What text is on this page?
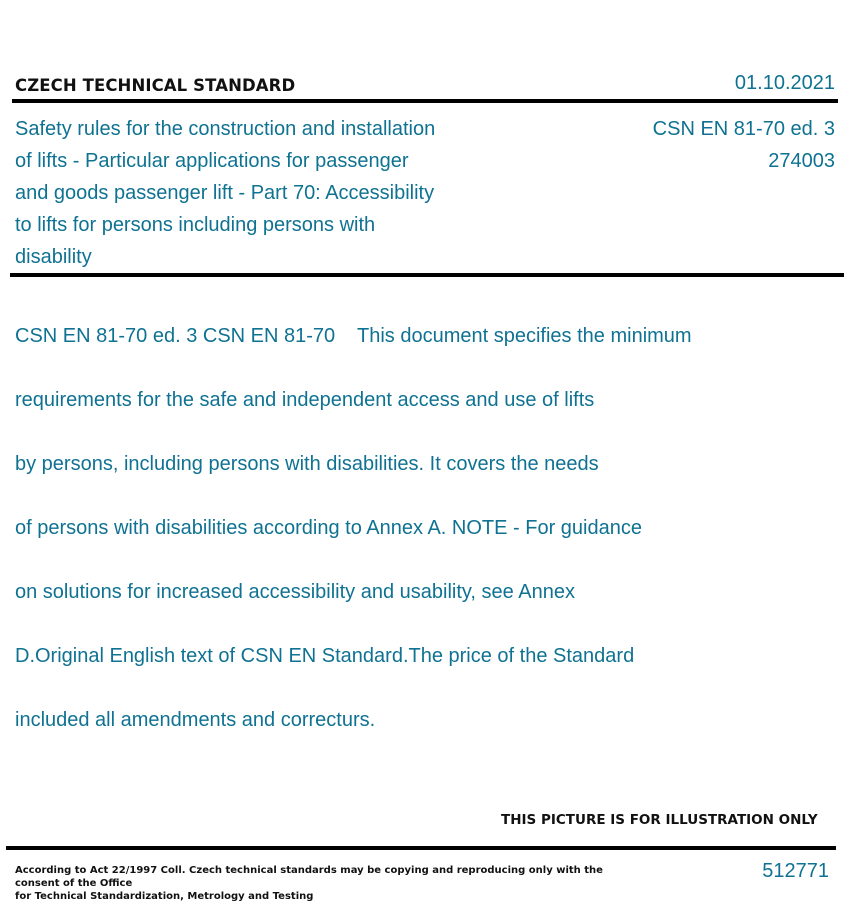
CZECH TECHNICAL STANDARD	01.10.2021
Safety rules for the construction and installation
of lifts - Particular applications for passenger
and goods passenger lift - Part 70: Accessibility
to lifts for persons including persons with
disability
CSN EN 81-70 ed. 3
274003

CSN EN 81-70 ed. 3 CSN EN 81-70    This document specifies the minimum

requirements for the safe and independent access and use of lifts

by persons, including persons with disabilities. It covers the needs

of persons with disabilities according to Annex A. NOTE - For guidance

on solutions for increased accessibility and usability, see Annex

D.Original English text of CSN EN Standard.The price of the Standard

included all amendments and correcturs.

THIS PICTURE IS FOR ILLUSTRATION ONLY
According to Act 22/1997 Coll. Czech technical standards may be copying and reproducing only with the consent of the Office
for Technical Standardization, Metrology and Testing
512771
